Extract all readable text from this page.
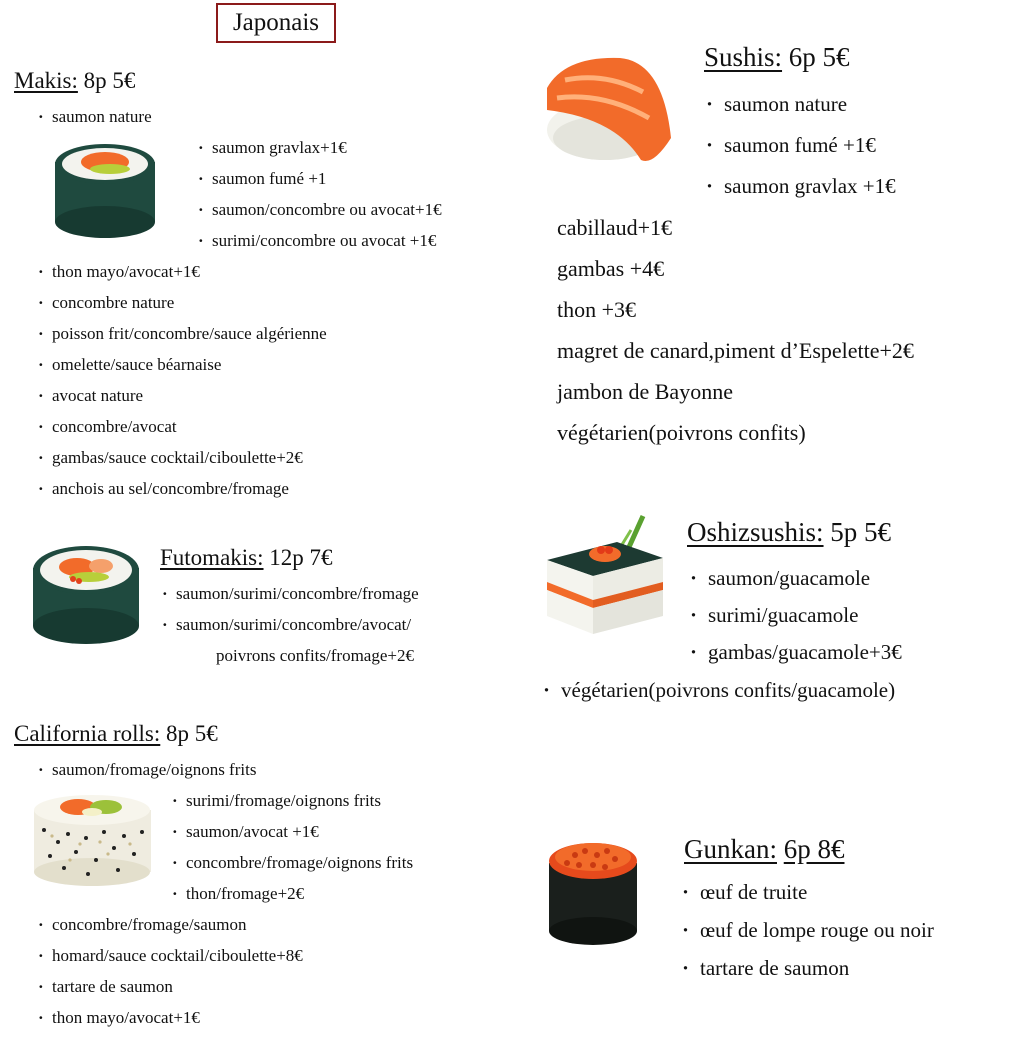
Japonais
Makis: 8p 5€
· saumon nature
· saumon gravlax+1€
· saumon fumé +1
· saumon/concombre ou avocat+1€
· surimi/concombre ou avocat +1€
· thon mayo/avocat+1€
· concombre nature
· poisson frit/concombre/sauce algérienne
· omelette/sauce béarnaise
· avocat nature
· concombre/avocat
· gambas/sauce cocktail/ciboulette+2€
· anchois au sel/concombre/fromage
Futomakis: 12p 7€
· saumon/surimi/concombre/fromage
· saumon/surimi/concombre/avocat/
poivrons confits/fromage+2€
California rolls: 8p 5€
· saumon/fromage/oignons frits
· surimi/fromage/oignons frits
· saumon/avocat +1€
· concombre/fromage/oignons frits
· thon/fromage+2€
· concombre/fromage/saumon
· homard/sauce cocktail/ciboulette+8€
· tartare de saumon
· thon mayo/avocat+1€
Sushis: 6p 5€
· saumon nature
· saumon fumé +1€
· saumon gravlax +1€
cabillaud+1€
gambas +4€
thon +3€
magret de canard,piment d’Espelette+2€
jambon de Bayonne
végétarien(poivrons confits)
Oshizsushis: 5p 5€
· saumon/guacamole
· surimi/guacamole
· gambas/guacamole+3€
· végétarien(poivrons confits/guacamole)
Gunkan: 6p 8€
· œuf de truite
· œuf de lompe rouge ou noir
· tartare de saumon
